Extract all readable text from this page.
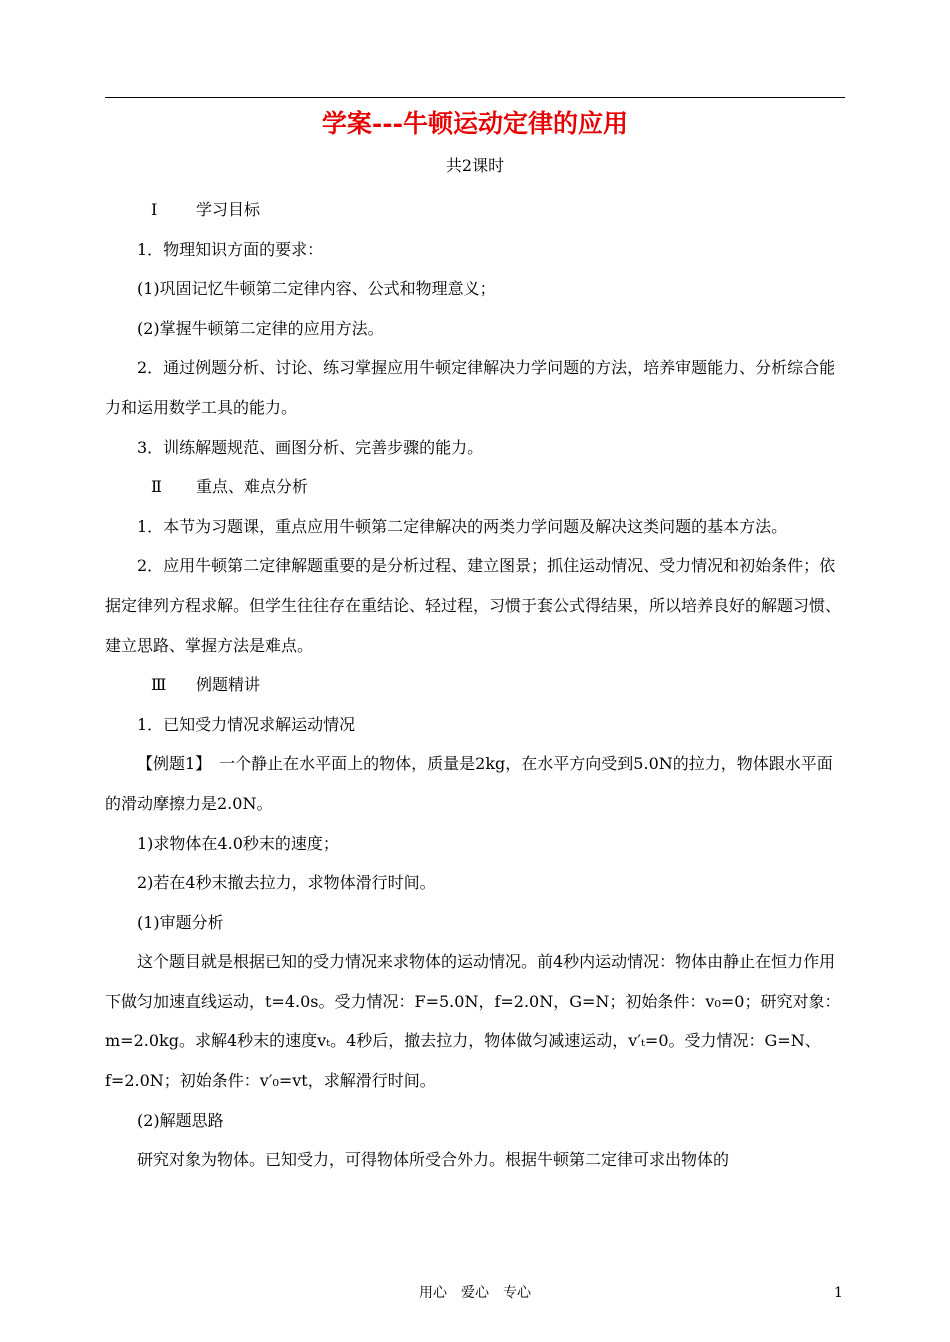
学案---牛顿运动定律的应用
共2课时
Ⅰ 学习目标

1．物理知识方面的要求：

(1)巩固记忆牛顿第二定律内容、公式和物理意义；

(2)掌握牛顿第二定律的应用方法。

2．通过例题分析、讨论、练习掌握应用牛顿定律解决力学问题的方法，培养审题能力、分析综合能力和运用数学工具的能力。

3．训练解题规范、画图分析、完善步骤的能力。

Ⅱ 重点、难点分析

1．本节为习题课，重点应用牛顿第二定律解决的两类力学问题及解决这类问题的基本方法。

2．应用牛顿第二定律解题重要的是分析过程、建立图景；抓住运动情况、受力情况和初始条件；依据定律列方程求解。但学生往往存在重结论、轻过程，习惯于套公式得结果，所以培养良好的解题习惯、建立思路、掌握方法是难点。

Ⅲ 例题精讲

1．已知受力情况求解运动情况

【例题1】　一个静止在水平面上的物体，质量是2kg，在水平方向受到5.0N的拉力，物体跟水平面的滑动摩擦力是2.0N。

1)求物体在4.0秒末的速度；

2)若在4秒末撤去拉力，求物体滑行时间。

(1)审题分析

这个题目就是根据已知的受力情况来求物体的运动情况。前4秒内运动情况：物体由静止在恒力作用下做匀加速直线运动，t=4.0s。受力情况：F=5.0N，f=2.0N，G=N；初始条件：v₀=0；研究对象：m=2.0kg。求解4秒末的速度vₜ。4秒后，撤去拉力，物体做匀减速运动，v′ₜ=0。受力情况：G=N、f=2.0N；初始条件：v′₀=vt，求解滑行时间。

(2)解题思路

研究对象为物体。已知受力，可得物体所受合外力。根据牛顿第二定律可求出物体的

用心　爱心　专心	1
